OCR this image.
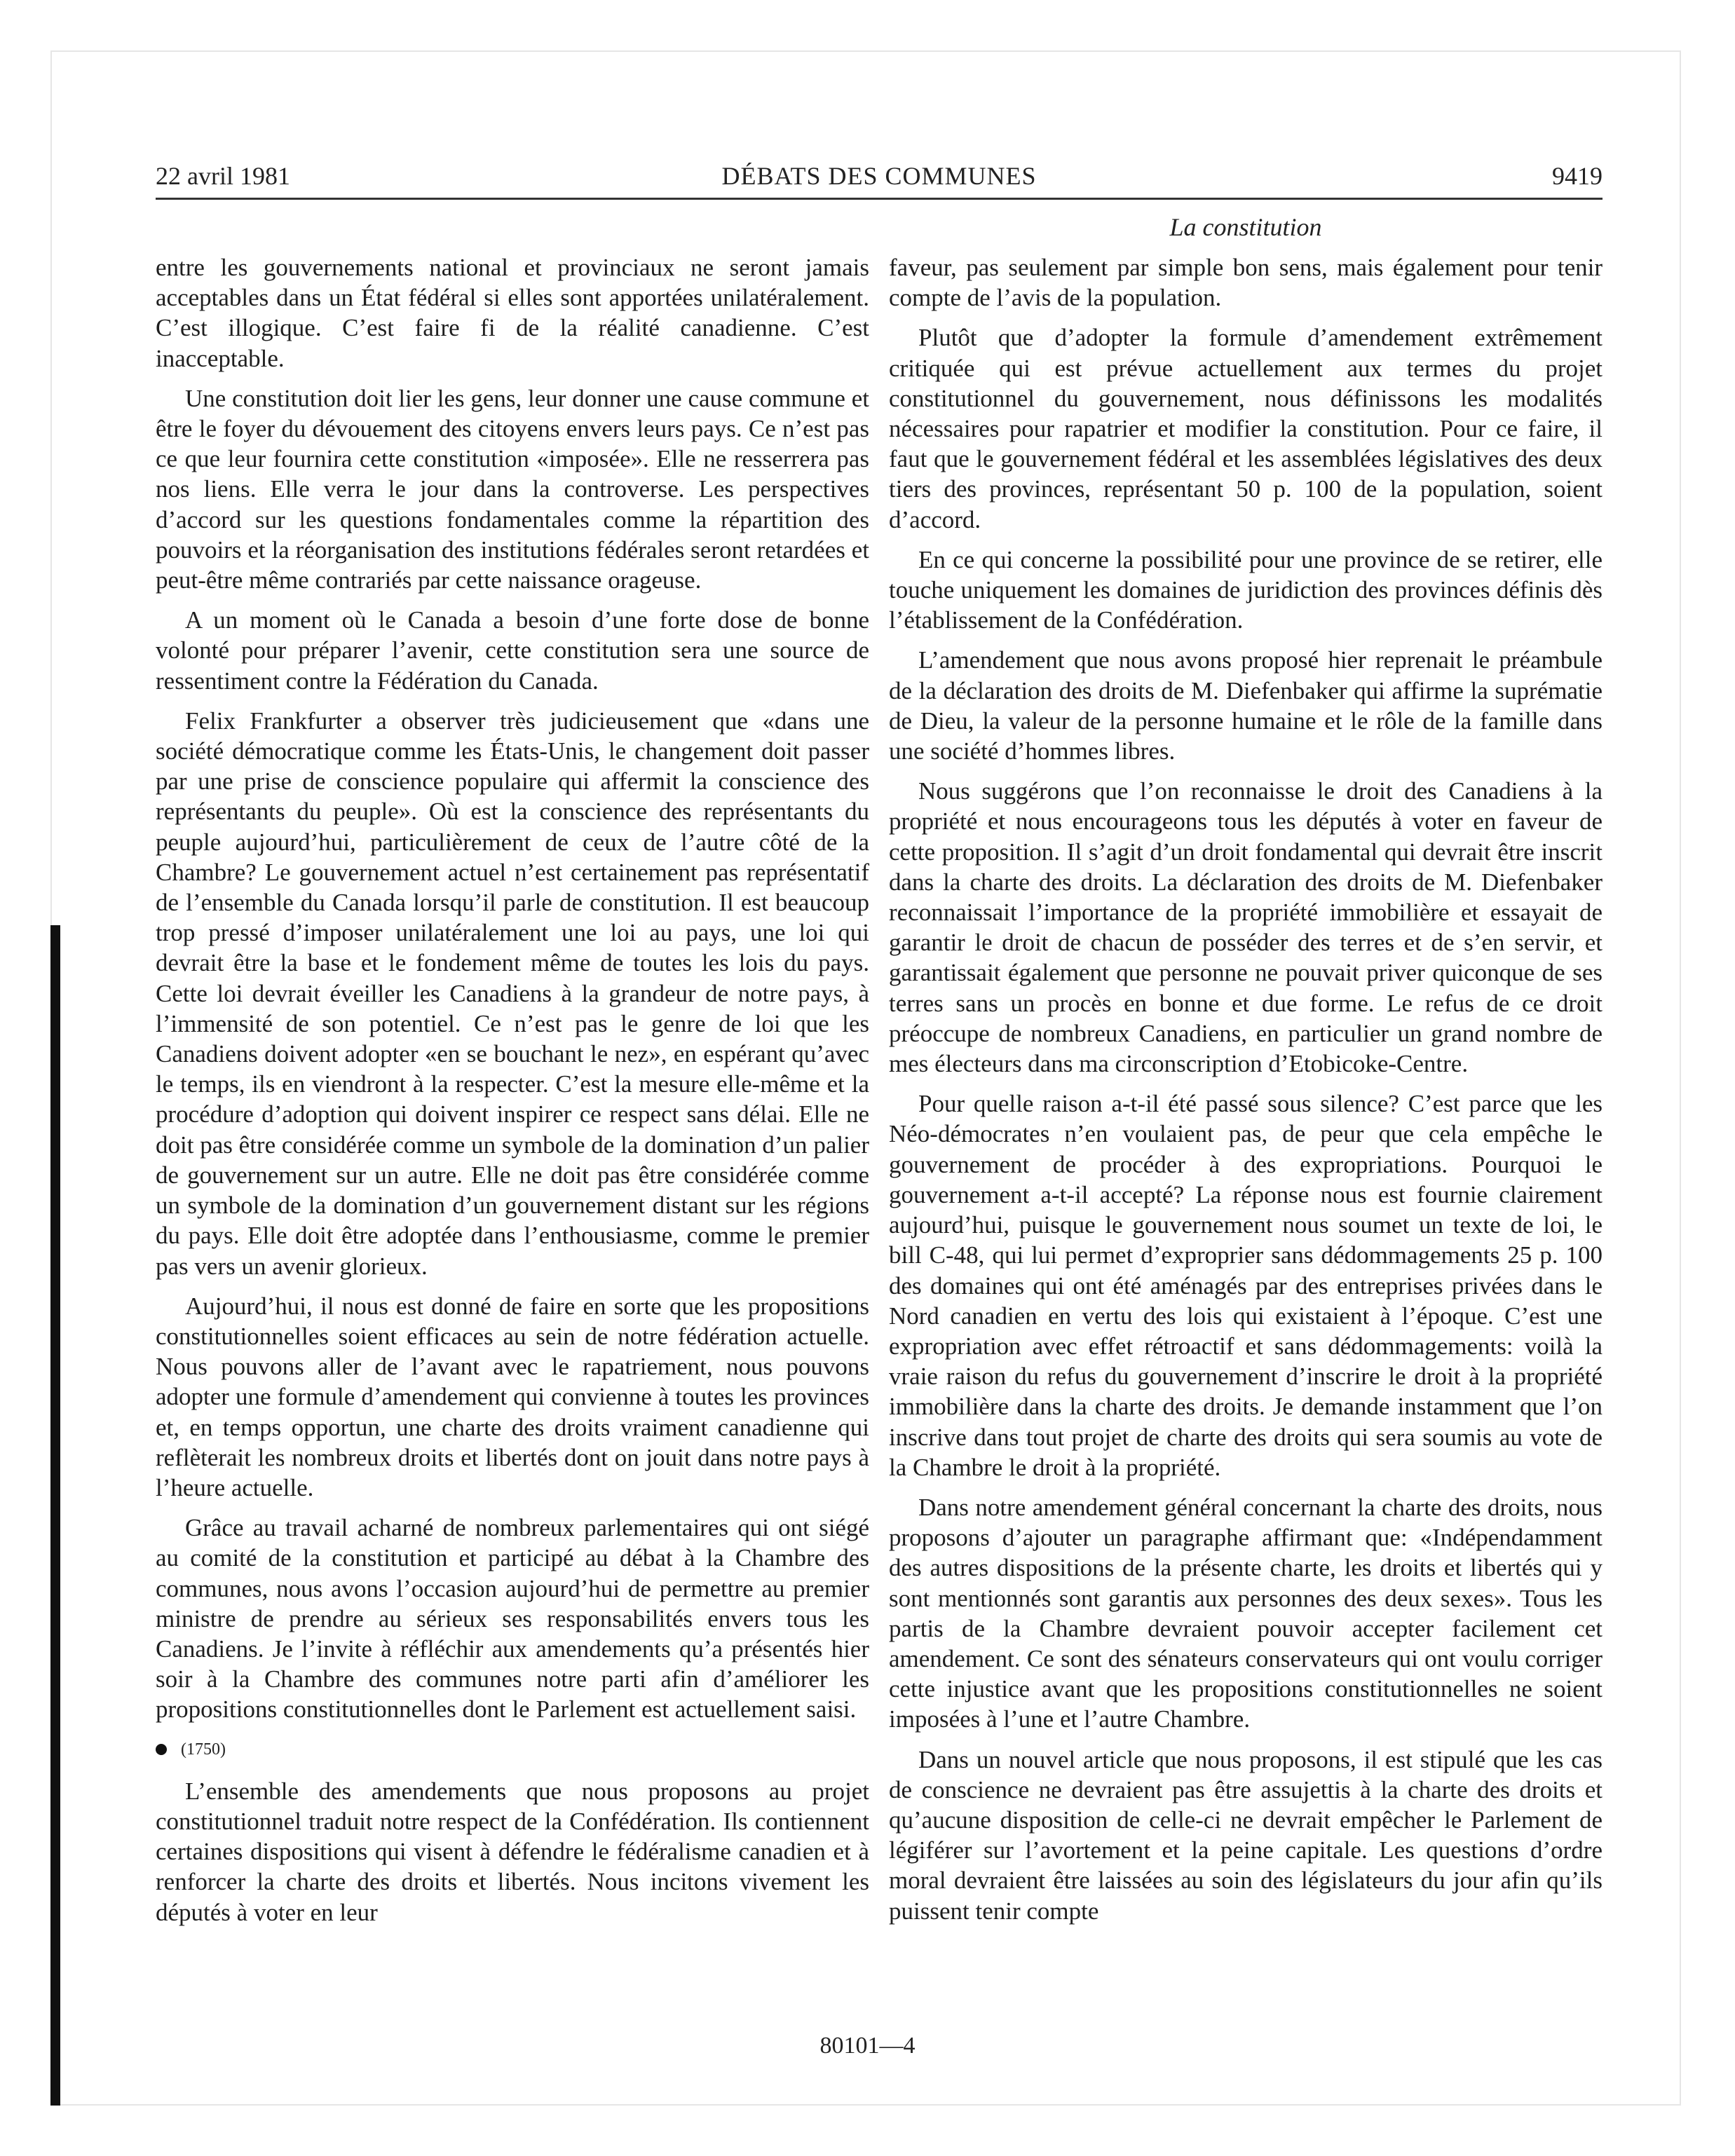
22 avril 1981	DÉBATS DES COMMUNES	9419
La constitution

entre les gouvernements national et provinciaux ne seront jamais acceptables dans un État fédéral si elles sont apportées unilatéralement. C’est illogique. C’est faire fi de la réalité canadienne. C’est inacceptable.

Une constitution doit lier les gens, leur donner une cause commune et être le foyer du dévouement des citoyens envers leurs pays. Ce n’est pas ce que leur fournira cette constitution «imposée». Elle ne resserrera pas nos liens. Elle verra le jour dans la controverse. Les perspectives d’accord sur les questions fondamentales comme la répartition des pouvoirs et la réorganisation des institutions fédérales seront retardées et peut-être même contrariés par cette naissance orageuse.

A un moment où le Canada a besoin d’une forte dose de bonne volonté pour préparer l’avenir, cette constitution sera une source de ressentiment contre la Fédération du Canada.

Felix Frankfurter a observer très judicieusement que «dans une société démocratique comme les États-Unis, le changement doit passer par une prise de conscience populaire qui affermit la conscience des représentants du peuple». Où est la conscience des représentants du peuple aujourd’hui, particulièrement de ceux de l’autre côté de la Chambre? Le gouvernement actuel n’est certainement pas représentatif de l’ensemble du Canada lorsqu’il parle de constitution. Il est beaucoup trop pressé d’imposer unilatéralement une loi au pays, une loi qui devrait être la base et le fondement même de toutes les lois du pays. Cette loi devrait éveiller les Canadiens à la grandeur de notre pays, à l’immensité de son potentiel. Ce n’est pas le genre de loi que les Canadiens doivent adopter «en se bouchant le nez», en espérant qu’avec le temps, ils en viendront à la respecter. C’est la mesure elle-même et la procédure d’adoption qui doivent inspirer ce respect sans délai. Elle ne doit pas être considérée comme un symbole de la domination d’un palier de gouvernement sur un autre. Elle ne doit pas être considérée comme un symbole de la domination d’un gouvernement distant sur les régions du pays. Elle doit être adoptée dans l’enthousiasme, comme le premier pas vers un avenir glorieux.

Aujourd’hui, il nous est donné de faire en sorte que les propositions constitutionnelles soient efficaces au sein de notre fédération actuelle. Nous pouvons aller de l’avant avec le rapatriement, nous pouvons adopter une formule d’amendement qui convienne à toutes les provinces et, en temps opportun, une charte des droits vraiment canadienne qui reflèterait les nombreux droits et libertés dont on jouit dans notre pays à l’heure actuelle.

Grâce au travail acharné de nombreux parlementaires qui ont siégé au comité de la constitution et participé au débat à la Chambre des communes, nous avons l’occasion aujourd’hui de permettre au premier ministre de prendre au sérieux ses responsabilités envers tous les Canadiens. Je l’invite à réfléchir aux amendements qu’a présentés hier soir à la Chambre des communes notre parti afin d’améliorer les propositions constitutionnelles dont le Parlement est actuellement saisi.

(1750)

L’ensemble des amendements que nous proposons au projet constitutionnel traduit notre respect de la Confédération. Ils contiennent certaines dispositions qui visent à défendre le fédéralisme canadien et à renforcer la charte des droits et libertés. Nous incitons vivement les députés à voter en leur

faveur, pas seulement par simple bon sens, mais également pour tenir compte de l’avis de la population.

Plutôt que d’adopter la formule d’amendement extrêmement critiquée qui est prévue actuellement aux termes du projet constitutionnel du gouvernement, nous définissons les modalités nécessaires pour rapatrier et modifier la constitution. Pour ce faire, il faut que le gouvernement fédéral et les assemblées législatives des deux tiers des provinces, représentant 50 p. 100 de la population, soient d’accord.

En ce qui concerne la possibilité pour une province de se retirer, elle touche uniquement les domaines de juridiction des provinces définis dès l’établissement de la Confédération.

L’amendement que nous avons proposé hier reprenait le préambule de la déclaration des droits de M. Diefenbaker qui affirme la suprématie de Dieu, la valeur de la personne humaine et le rôle de la famille dans une société d’hommes libres.

Nous suggérons que l’on reconnaisse le droit des Canadiens à la propriété et nous encourageons tous les députés à voter en faveur de cette proposition. Il s’agit d’un droit fondamental qui devrait être inscrit dans la charte des droits. La déclaration des droits de M. Diefenbaker reconnaissait l’importance de la propriété immobilière et essayait de garantir le droit de chacun de posséder des terres et de s’en servir, et garantissait également que personne ne pouvait priver quiconque de ses terres sans un procès en bonne et due forme. Le refus de ce droit préoccupe de nombreux Canadiens, en particulier un grand nombre de mes électeurs dans ma circonscription d’Etobicoke-Centre.

Pour quelle raison a-t-il été passé sous silence? C’est parce que les Néo-démocrates n’en voulaient pas, de peur que cela empêche le gouvernement de procéder à des expropriations. Pourquoi le gouvernement a-t-il accepté? La réponse nous est fournie clairement aujourd’hui, puisque le gouvernement nous soumet un texte de loi, le bill C-48, qui lui permet d’exproprier sans dédommagements 25 p. 100 des domaines qui ont été aménagés par des entreprises privées dans le Nord canadien en vertu des lois qui existaient à l’époque. C’est une expropriation avec effet rétroactif et sans dédommagements: voilà la vraie raison du refus du gouvernement d’inscrire le droit à la propriété immobilière dans la charte des droits. Je demande instamment que l’on inscrive dans tout projet de charte des droits qui sera soumis au vote de la Chambre le droit à la propriété.

Dans notre amendement général concernant la charte des droits, nous proposons d’ajouter un paragraphe affirmant que: «Indépendamment des autres dispositions de la présente charte, les droits et libertés qui y sont mentionnés sont garantis aux personnes des deux sexes». Tous les partis de la Chambre devraient pouvoir accepter facilement cet amendement. Ce sont des sénateurs conservateurs qui ont voulu corriger cette injustice avant que les propositions constitutionnelles ne soient imposées à l’une et l’autre Chambre.

Dans un nouvel article que nous proposons, il est stipulé que les cas de conscience ne devraient pas être assujettis à la charte des droits et qu’aucune disposition de celle-ci ne devrait empêcher le Parlement de légiférer sur l’avortement et la peine capitale. Les questions d’ordre moral devraient être laissées au soin des législateurs du jour afin qu’ils puissent tenir compte

80101—4
